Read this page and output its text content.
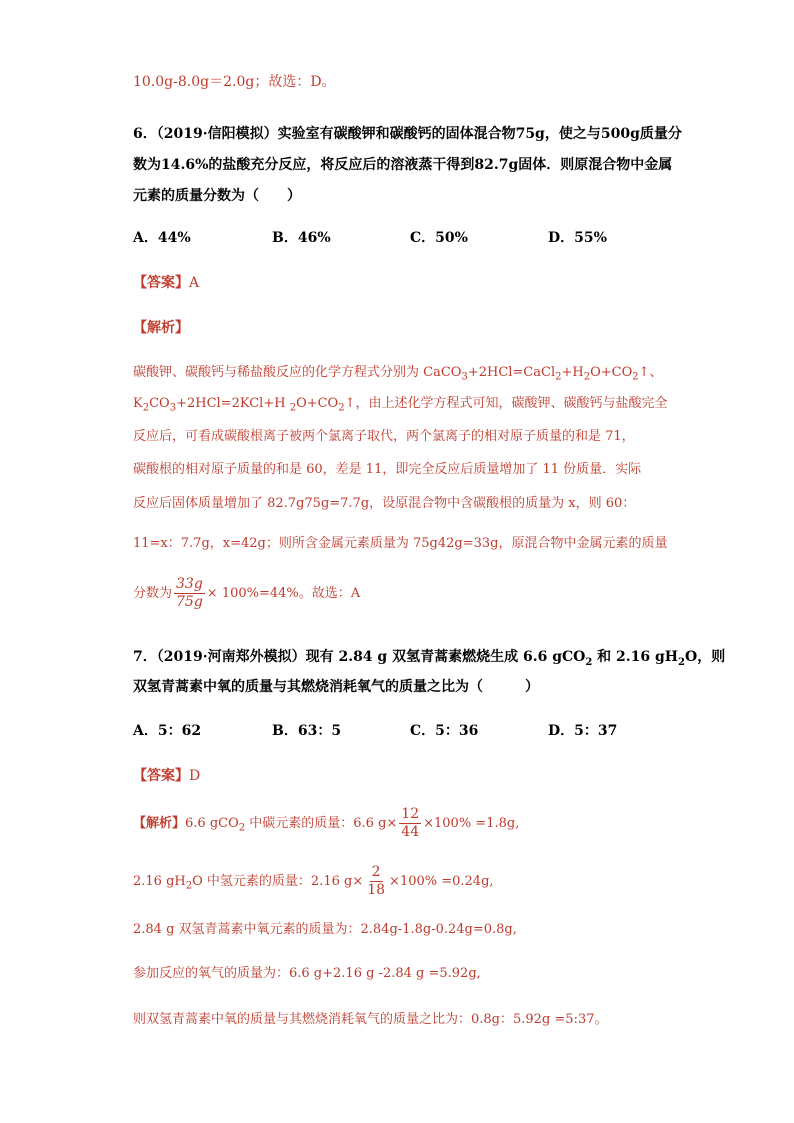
10.0g-8.0g＝2.0g；故选：D。
6．（2019·信阳模拟）实验室有碳酸钾和碳酸钙的固体混合物75g，使之与500g质量分
数为14.6%的盐酸充分反应，将反应后的溶液蒸干得到82.7g固体．则原混合物中金属
元素的质量分数为（　　）
A．44%	B．46%	C．50%	D．55%
【答案】A
【解析】
碳酸钾、碳酸钙与稀盐酸反应的化学方程式分别为 $CaCO_3+2HCl=CaCl_2+H_2O+CO_2↑$、
$K_2CO_3+2HCl=2KCl+H$ $_2O+CO_2↑$，由上述化学方程式可知，碳酸钾、碳酸钙与盐酸完全
反应后，可看成碳酸根离子被两个氯离子取代，两个氯离子的相对原子质量的和是 71，
碳酸根的相对原子质量的和是 60，差是 11，即完全反应后质量增加了 11 份质量．实际
反应后固体质量增加了 82.7g75g=7.7g，设原混合物中含碳酸根的质量为 x，则 60：
11=x：7.7g，x=42g；则所含金属元素质量为 75g42g=33g，原混合物中金属元素的质量
分数为 $\frac{33g}{75g} \times 100\%=44\%$。故选：A
7．（2019·河南郑外模拟）现有 2.84 g 双氢青蒿素燃烧生成 6.6 gCO$_2$ 和 2.16 $gH_2O$，则
双氢青蒿素中氧的质量与其燃烧消耗氧气的质量之比为（　　　）
A．5：62	B．63：5	C．5：36	D．5：37
【答案】D
【解析】6.6 gCO$_2$ 中碳元素的质量：6.6 $g\times \frac{12}{44} \times 100\% =1.8g$,
2.16 $gH_2O$ 中氢元素的质量：2.16 $g\times \frac{2}{18} \times 100\% =0.24g$,
2.84 g 双氢青蒿素中氧元素的质量为：2.84g-1.8g-0.24g=0.8g,
参加反应的氧气的质量为：6.6 g+2.16 g -2.84 g =5.92g,
则双氢青蒿素中氧的质量与其燃烧消耗氧气的质量之比为：0.8g：5.92g =5:37。
